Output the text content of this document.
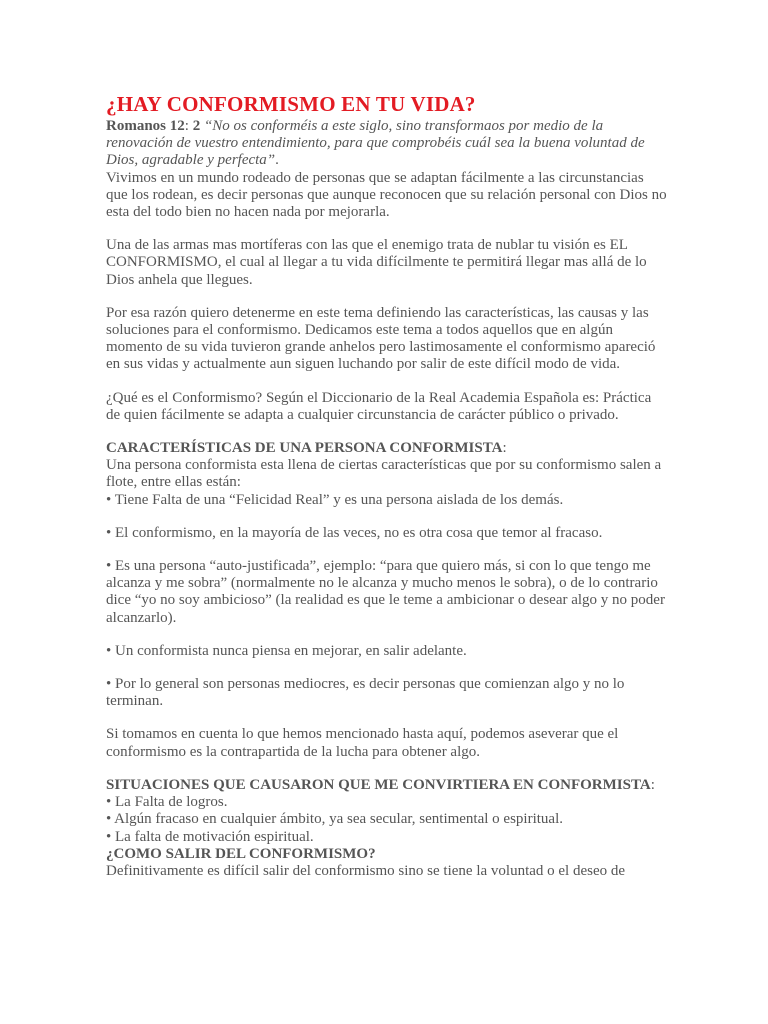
¿HAY CONFORMISMO EN TU VIDA?

Romanos 12: 2 “No os conforméis a este siglo, sino transformaos por medio de la renovación de vuestro entendimiento, para que comprobéis cuál sea la buena voluntad de Dios, agradable y perfecta”.

Vivimos en un mundo rodeado de personas que se adaptan fácilmente a las circunstancias que los rodean, es decir personas que aunque reconocen que su relación personal con Dios no esta del todo bien no hacen nada por mejorarla.

Una de las armas mas mortíferas con las que el enemigo trata de nublar tu visión es EL CONFORMISMO, el cual al llegar a tu vida difícilmente te permitirá llegar mas allá de lo Dios anhela que llegues.

Por esa razón quiero detenerme en este tema definiendo las características, las causas y las soluciones para el conformismo. Dedicamos este tema a todos aquellos que en algún momento de su vida tuvieron grande anhelos pero lastimosamente el conformismo apareció en sus vidas y actualmente aun siguen luchando por salir de este difícil modo de vida.

¿Qué es el Conformismo? Según el Diccionario de la Real Academia Española es: Práctica de quien fácilmente se adapta a cualquier circunstancia de carácter público o privado.

CARACTERÍSTICAS DE UNA PERSONA CONFORMISTA:

Una persona conformista esta llena de ciertas características que por su conformismo salen a flote, entre ellas están:

• Tiene Falta de una “Felicidad Real” y es una persona aislada de los demás.

• El conformismo, en la mayoría de las veces, no es otra cosa que temor al fracaso.

• Es una persona “auto-justificada”, ejemplo: “para que quiero más, si con lo que tengo me alcanza y me sobra” (normalmente no le alcanza y mucho menos le sobra), o de lo contrario dice “yo no soy ambicioso” (la realidad es que le teme a ambicionar o desear algo y no poder alcanzarlo).

• Un conformista nunca piensa en mejorar, en salir adelante.

• Por lo general son personas mediocres, es decir personas que comienzan algo y no lo terminan.

Si tomamos en cuenta lo que hemos mencionado hasta aquí, podemos aseverar que el conformismo es la contrapartida de la lucha para obtener algo.

SITUACIONES QUE CAUSARON QUE ME CONVIRTIERA EN CONFORMISTA:

• La Falta de logros.

• Algún fracaso en cualquier ámbito, ya sea secular, sentimental o espiritual.

• La falta de motivación espiritual.

¿COMO SALIR DEL CONFORMISMO?

Definitivamente es difícil salir del conformismo sino se tiene la voluntad o el deseo de
